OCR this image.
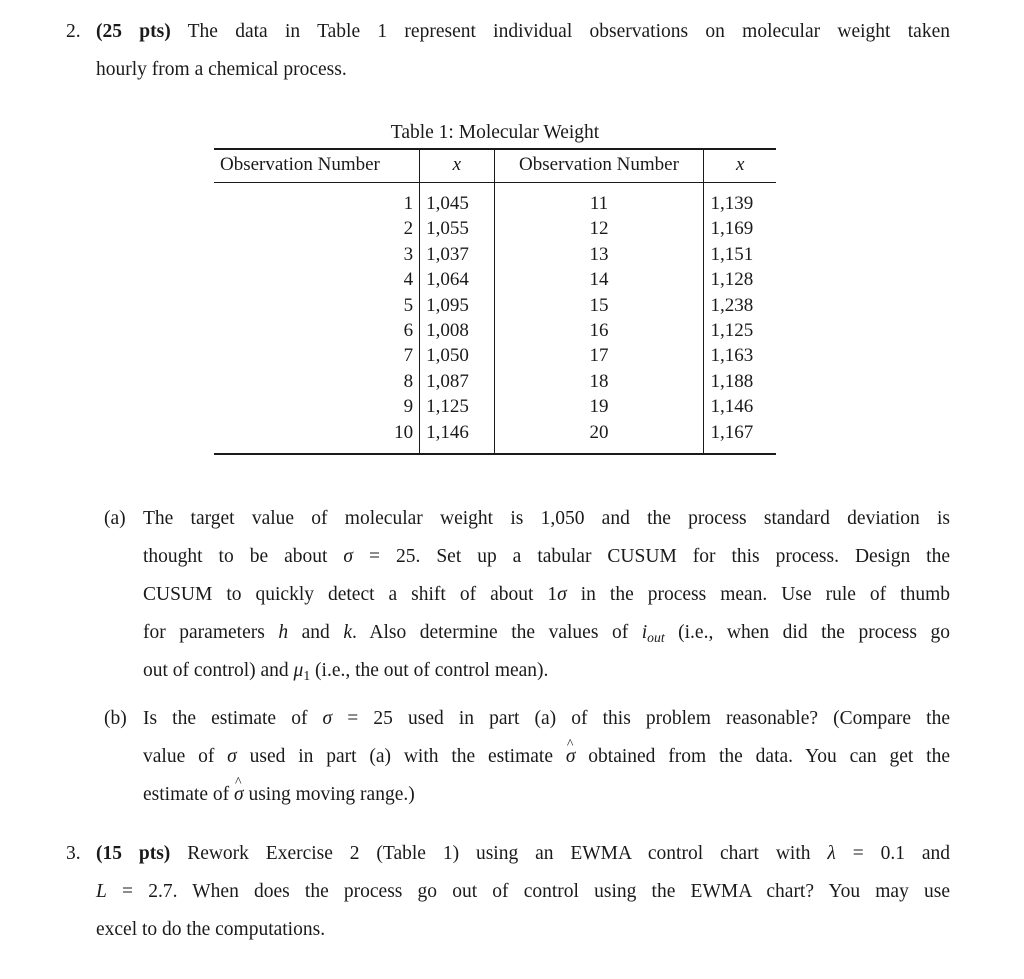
2. (25 pts) The data in Table 1 represent individual observations on molecular weight taken
hourly from a chemical process.
Table 1: Molecular Weight
Observation Number	x	Observation Number	x
1	1,045	11	1,139
2	1,055	12	1,169
3	1,037	13	1,151
4	1,064	14	1,128
5	1,095	15	1,238
6	1,008	16	1,125
7	1,050	17	1,163
8	1,087	18	1,188
9	1,125	19	1,146
10	1,146	20	1,167
(a) The target value of molecular weight is 1,050 and the process standard deviation is
thought to be about σ = 25. Set up a tabular CUSUM for this process. Design the
CUSUM to quickly detect a shift of about 1σ in the process mean. Use rule of thumb
for parameters h and k. Also determine the values of $i_{out}$ (i.e., when did the process go
out of control) and $\mu_1$ (i.e., the out of control mean).
(b) Is the estimate of σ = 25 used in part (a) of this problem reasonable? (Compare the
value of σ used in part (a) with the estimate σ ^ obtained from the data. You can get the
estimate of σ ^ using moving range.)
3. (15 pts) Rework Exercise 2 (Table 1) using an EWMA control chart with λ = 0.1 and
L = 2.7. When does the process go out of control using the EWMA chart? You may use
excel to do the computations.
